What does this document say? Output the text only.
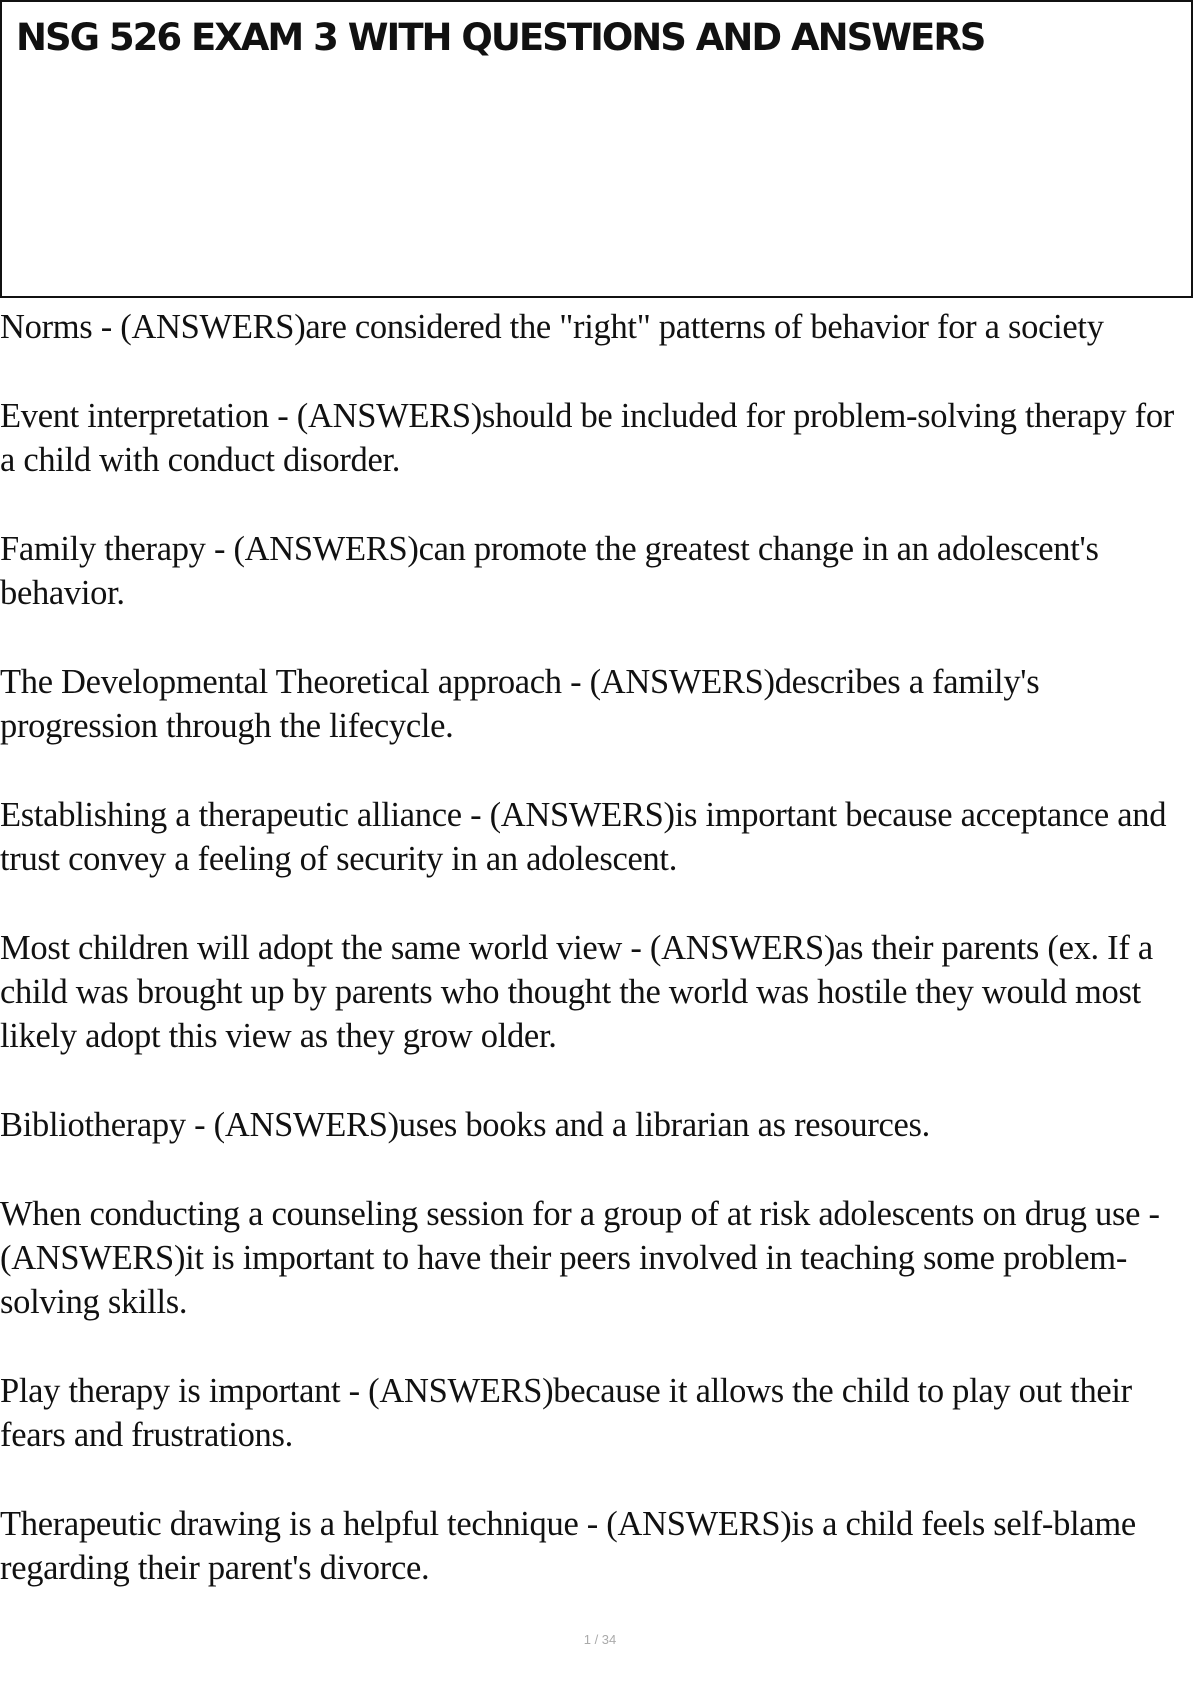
NSG 526 EXAM 3 WITH QUESTIONS AND ANSWERS
Norms - (ANSWERS)are considered the "right" patterns of behavior for a society
Event interpretation - (ANSWERS)should be included for problem-solving therapy for a child with conduct disorder.
Family therapy - (ANSWERS)can promote the greatest change in an adolescent's behavior.
The Developmental Theoretical approach - (ANSWERS)describes a family's progression through the lifecycle.
Establishing a therapeutic alliance - (ANSWERS)is important because acceptance and trust convey a feeling of security in an adolescent.
Most children will adopt the same world view - (ANSWERS)as their parents (ex. If a child was brought up by parents who thought the world was hostile they would most likely adopt this view as they grow older.
Bibliotherapy - (ANSWERS)uses books and a librarian as resources.
When conducting a counseling session for a group of at risk adolescents on drug use - (ANSWERS)it is important to have their peers involved in teaching some problem-solving skills.
Play therapy is important - (ANSWERS)because it allows the child to play out their fears and frustrations.
Therapeutic drawing is a helpful technique - (ANSWERS)is a child feels self-blame regarding their parent's divorce.
1 / 34
